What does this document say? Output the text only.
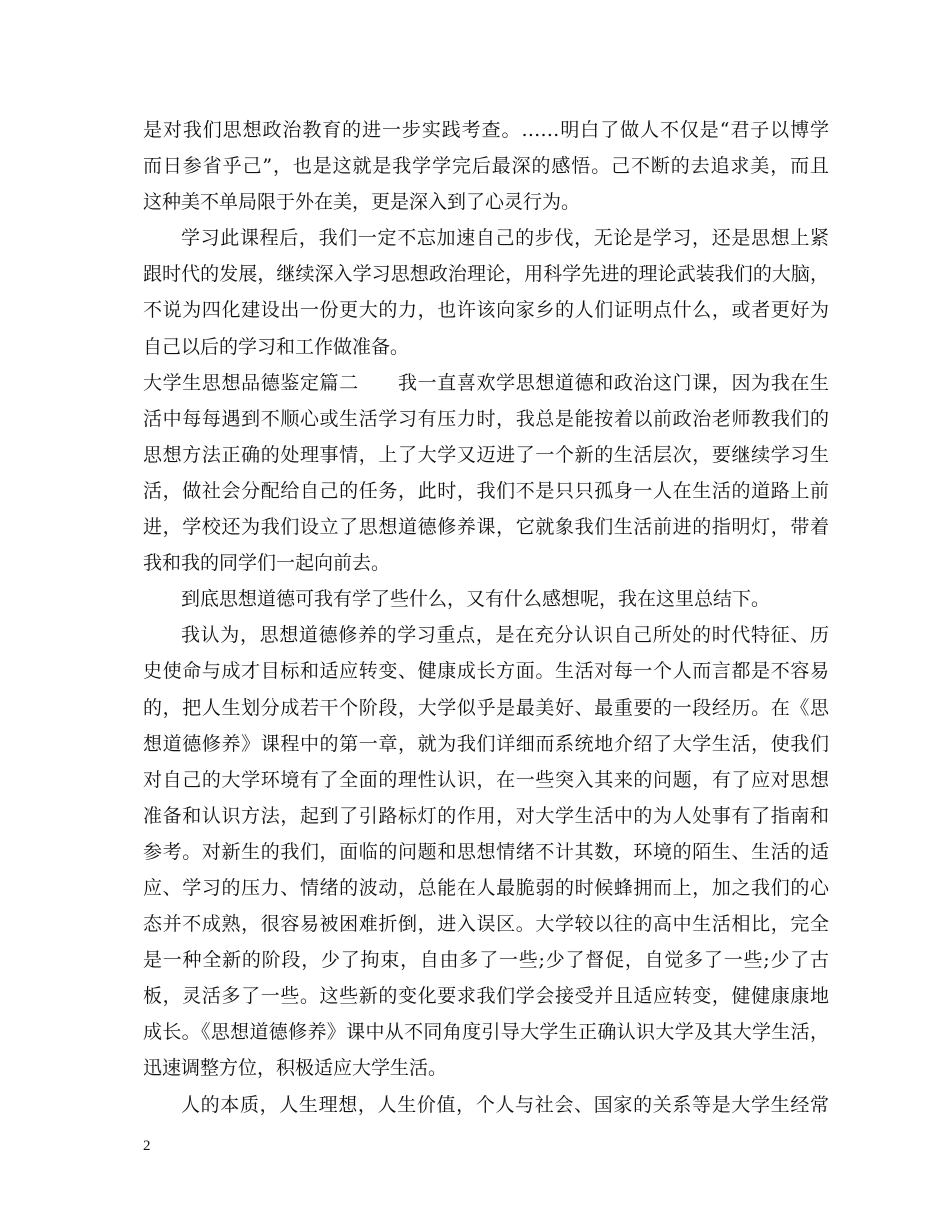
是对我们思想政治教育的进一步实践考查。……明白了做人不仅是“君子以博学
而日参省乎己”，也是这就是我学学完后最深的感悟。己不断的去追求美，而且
这种美不单局限于外在美，更是深入到了心灵行为。
学习此课程后，我们一定不忘加速自己的步伐，无论是学习，还是思想上紧
跟时代的发展，继续深入学习思想政治理论，用科学先进的理论武装我们的大脑，
不说为四化建设出一份更大的力，也许该向家乡的人们证明点什么，或者更好为
自己以后的学习和工作做准备。
大学生思想品德鉴定篇二　　我一直喜欢学思想道德和政治这门课，因为我在生
活中每每遇到不顺心或生活学习有压力时，我总是能按着以前政治老师教我们的
思想方法正确的处理事情，上了大学又迈进了一个新的生活层次，要继续学习生
活，做社会分配给自己的任务，此时，我们不是只只孤身一人在生活的道路上前
进，学校还为我们设立了思想道德修养课，它就象我们生活前进的指明灯，带着
我和我的同学们一起向前去。
到底思想道德可我有学了些什么，又有什么感想呢，我在这里总结下。
我认为，思想道德修养的学习重点，是在充分认识自己所处的时代特征、历
史使命与成才目标和适应转变、健康成长方面。生活对每一个人而言都是不容易
的，把人生划分成若干个阶段，大学似乎是最美好、最重要的一段经历。在《思
想道德修养》课程中的第一章，就为我们详细而系统地介绍了大学生活，使我们
对自己的大学环境有了全面的理性认识，在一些突入其来的问题，有了应对思想
准备和认识方法，起到了引路标灯的作用，对大学生活中的为人处事有了指南和
参考。对新生的我们，面临的问题和思想情绪不计其数，环境的陌生、生活的适
应、学习的压力、情绪的波动，总能在人最脆弱的时候蜂拥而上，加之我们的心
态并不成熟，很容易被困难折倒，进入误区。大学较以往的高中生活相比，完全
是一种全新的阶段，少了拘束，自由多了一些;少了督促，自觉多了一些;少了古
板，灵活多了一些。这些新的变化要求我们学会接受并且适应转变，健健康康地
成长。《思想道德修养》课中从不同角度引导大学生正确认识大学及其大学生活，
迅速调整方位，积极适应大学生活。
人的本质，人生理想，人生价值，个人与社会、国家的关系等是大学生经常
2
